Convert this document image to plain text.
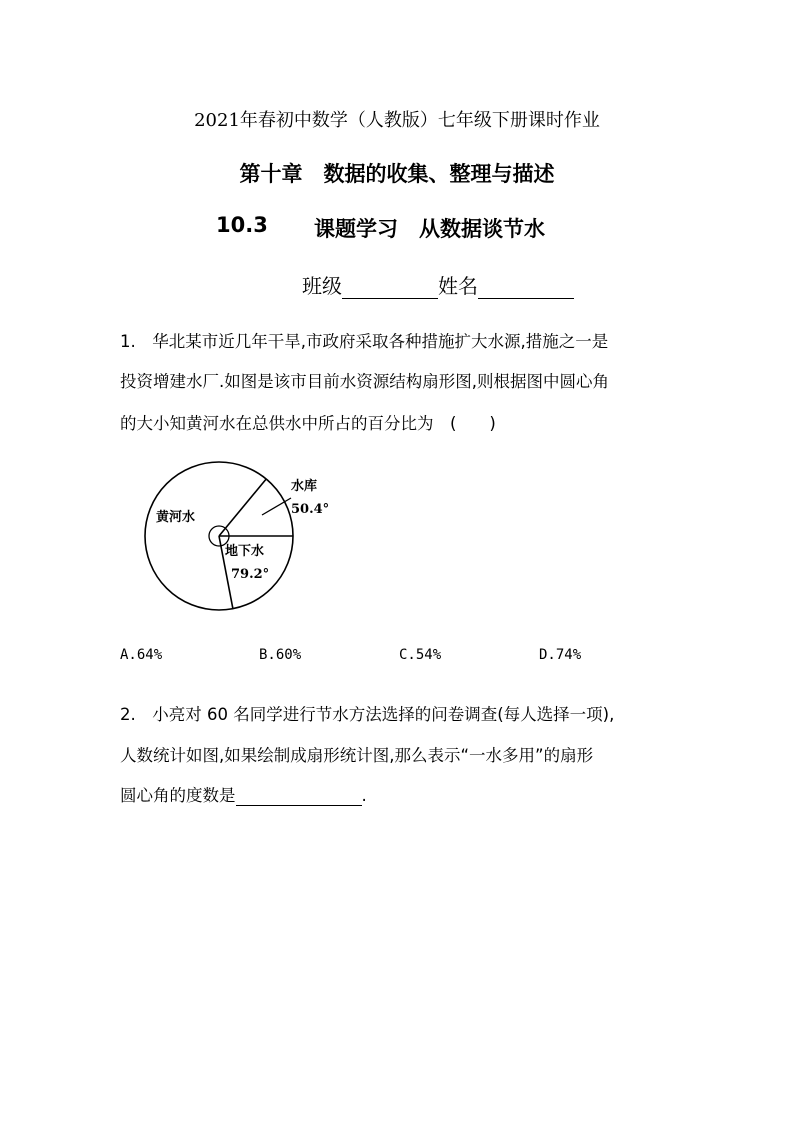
2021年春初中数学（人教版）七年级下册课时作业
第十章　数据的收集、整理与描述
10.3 课题学习　从数据谈节水
班级	姓名
1.　华北某市近几年干旱,市政府采取各种措施扩大水源,措施之一是
投资增建水厂.如图是该市目前水资源结构扇形图,则根据图中圆心角
的大小知黄河水在总供水中所占的百分比为　(　　)
水库
50.4°
黄河水
地下水
79.2°
A.64%	B.60%	C.54%	D.74%
2.　小亮对 60 名同学进行节水方法选择的问卷调查(每人选择一项),
人数统计如图,如果绘制成扇形统计图,那么表示“一水多用”的扇形
圆心角的度数是	.
